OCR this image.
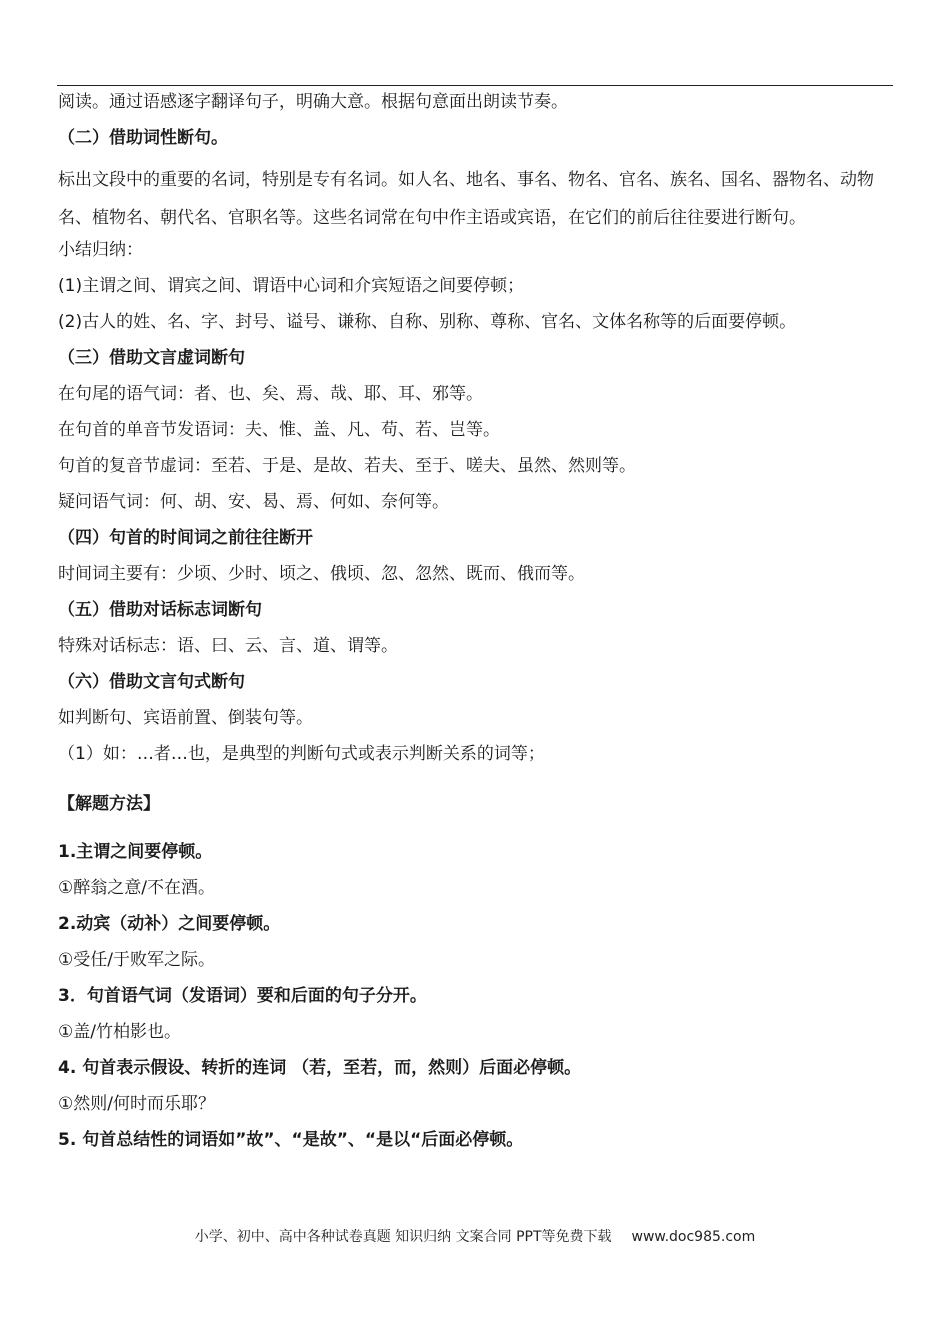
阅读。通过语感逐字翻译句子，明确大意。根据句意面出朗读节奏。
（二）借助词性断句。
标出文段中的重要的名词，特别是专有名词。如人名、地名、事名、物名、官名、族名、国名、器物名、动物名、植物名、朝代名、官职名等。这些名词常在句中作主语或宾语，在它们的前后往往要进行断句。
小结归纳：
(1)主谓之间、谓宾之间、谓语中心词和介宾短语之间要停顿；
(2)古人的姓、名、字、封号、谥号、谦称、自称、别称、尊称、官名、文体名称等的后面要停顿。
（三）借助文言虚词断句
在句尾的语气词：者、也、矣、焉、哉、耶、耳、邪等。
在句首的单音节发语词：夫、惟、盖、凡、苟、若、岂等。
句首的复音节虚词：至若、于是、是故、若夫、至于、嗟夫、虽然、然则等。
疑问语气词：何、胡、安、曷、焉、何如、奈何等。
（四）句首的时间词之前往往断开
时间词主要有：少顷、少时、顷之、俄顷、忽、忽然、既而、俄而等。
（五）借助对话标志词断句
特殊对话标志：语、曰、云、言、道、谓等。
（六）借助文言句式断句
如判断句、宾语前置、倒装句等。
（1）如：…者…也，是典型的判断句式或表示判断关系的词等；
【解题方法】
1.主谓之间要停顿。
①醉翁之意/不在酒。
2.动宾（动补）之间要停顿。
①受任/于败军之际。
3．句首语气词（发语词）要和后面的句子分开。
①盖/竹柏影也。
4. 句首表示假设、转折的连词 （若，至若，而，然则）后面必停顿。
①然则/何时而乐耶？
5. 句首总结性的词语如”故”、“是故”、“是以“后面必停顿。
小学、初中、高中各种试卷真题 知识归纳 文案合同 PPT等免费下载 www.doc985.com
